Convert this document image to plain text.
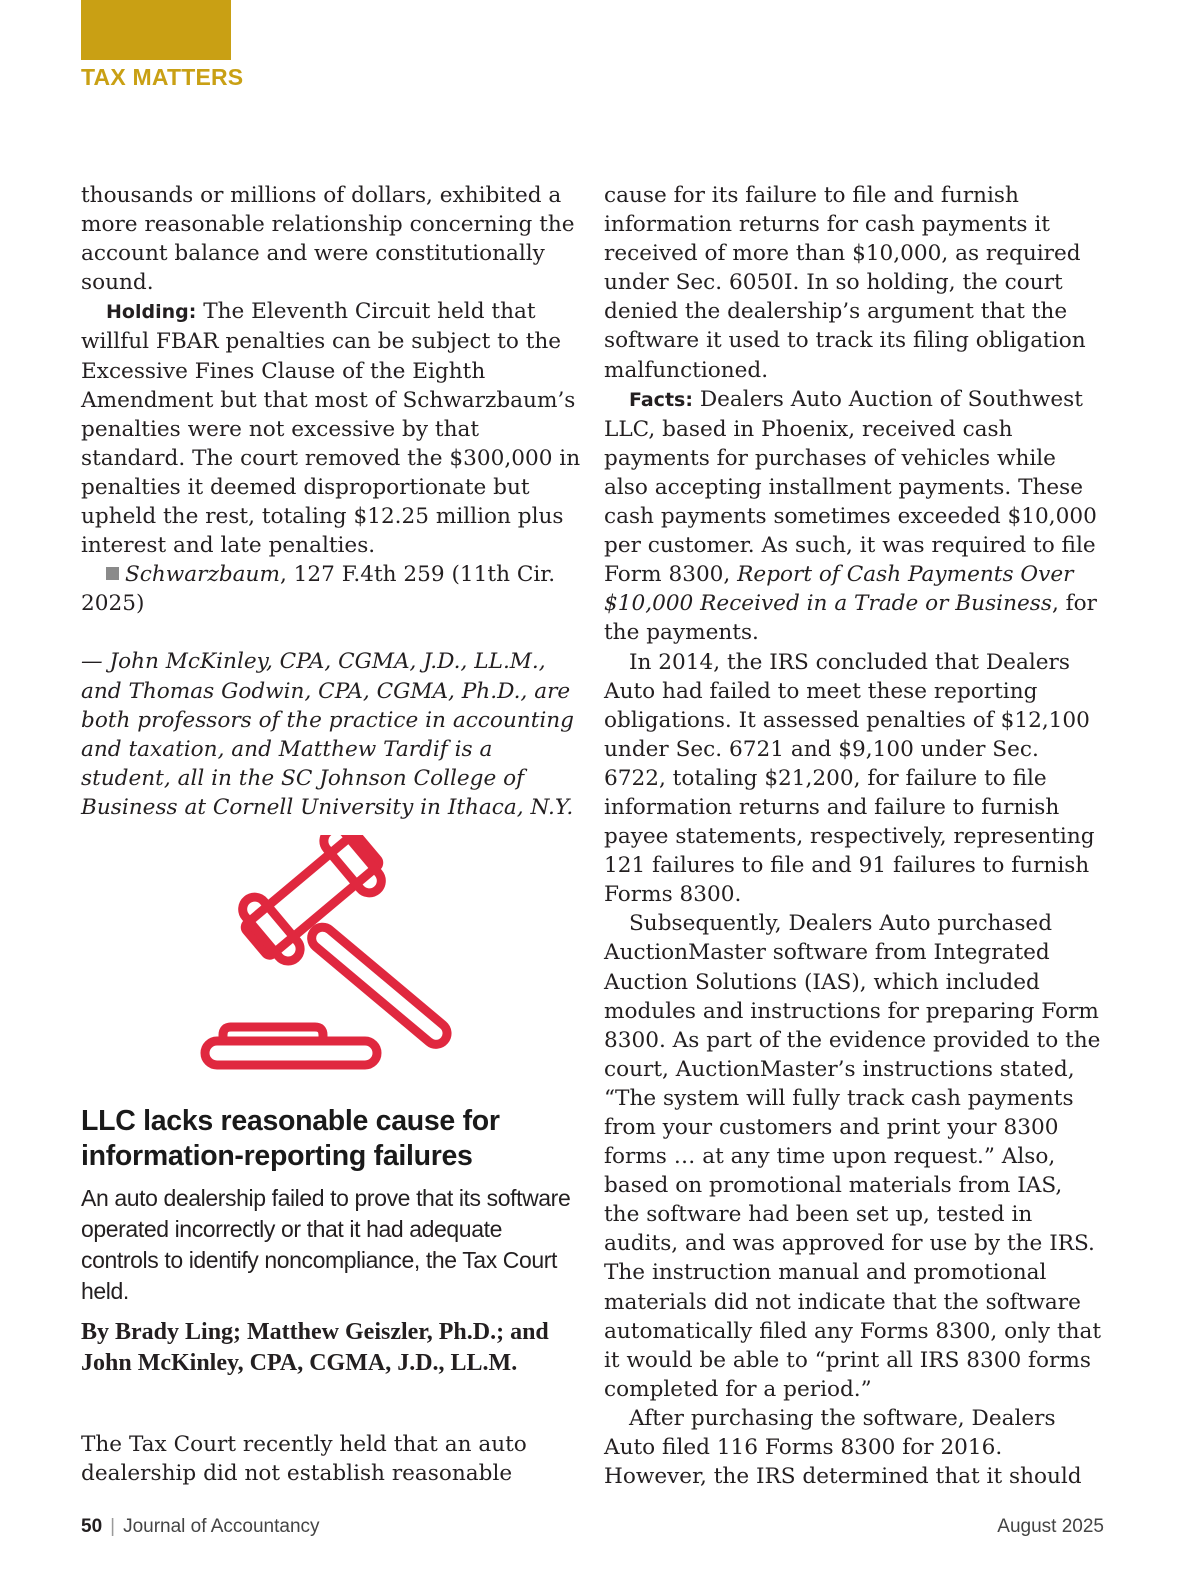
TAX MATTERS

thousands or millions of dollars, exhibited a more reasonable relationship concerning the account balance and were constitutionally sound.

Holding: The Eleventh Circuit held that willful FBAR penalties can be subject to the Excessive Fines Clause of the Eighth Amendment but that most of Schwarzbaum’s penalties were not excessive by that standard. The court removed the $300,000 in penalties it deemed disproportionate but upheld the rest, totaling $12.25 million plus interest and late penalties.

Schwarzbaum, 127 F.4th 259 (11th Cir. 2025)

— John McKinley, CPA, CGMA, J.D., LL.M., and Thomas Godwin, CPA, CGMA, Ph.D., are both professors of the practice in accounting and taxation, and Matthew Tardif is a student, all in the SC Johnson College of Business at Cornell University in Ithaca, N.Y.

LLC lacks reasonable cause for information-reporting failures

An auto dealership failed to prove that its software operated incorrectly or that it had adequate controls to identify noncompliance, the Tax Court held.

By Brady Ling; Matthew Geiszler, Ph.D.; and John McKinley, CPA, CGMA, J.D., LL.M.

The Tax Court recently held that an auto dealership did not establish reasonable

cause for its failure to file and furnish information returns for cash payments it received of more than $10,000, as required under Sec. 6050I. In so holding, the court denied the dealership’s argument that the software it used to track its filing obligation malfunctioned.

Facts: Dealers Auto Auction of Southwest LLC, based in Phoenix, received cash payments for purchases of vehicles while also accepting installment payments. These cash payments sometimes exceeded $10,000 per customer. As such, it was required to file Form 8300, Report of Cash Payments Over $10,000 Received in a Trade or Business, for the payments.

In 2014, the IRS concluded that Dealers Auto had failed to meet these reporting obligations. It assessed penalties of $12,100 under Sec. 6721 and $9,100 under Sec. 6722, totaling $21,200, for failure to file information returns and failure to furnish payee statements, respectively, representing 121 failures to file and 91 failures to furnish Forms 8300.

Subsequently, Dealers Auto purchased AuctionMaster software from Integrated Auction Solutions (IAS), which included modules and instructions for preparing Form 8300. As part of the evidence provided to the court, AuctionMaster’s instructions stated, “The system will fully track cash payments from your customers and print your 8300 forms … at any time upon request.” Also, based on promotional materials from IAS, the software had been set up, tested in audits, and was approved for use by the IRS. The instruction manual and promotional materials did not indicate that the software automatically filed any Forms 8300, only that it would be able to “print all IRS 8300 forms completed for a period.”

After purchasing the software, Dealers Auto filed 116 Forms 8300 for 2016. However, the IRS determined that it should

50 | Journal of Accountancy	August 2025
